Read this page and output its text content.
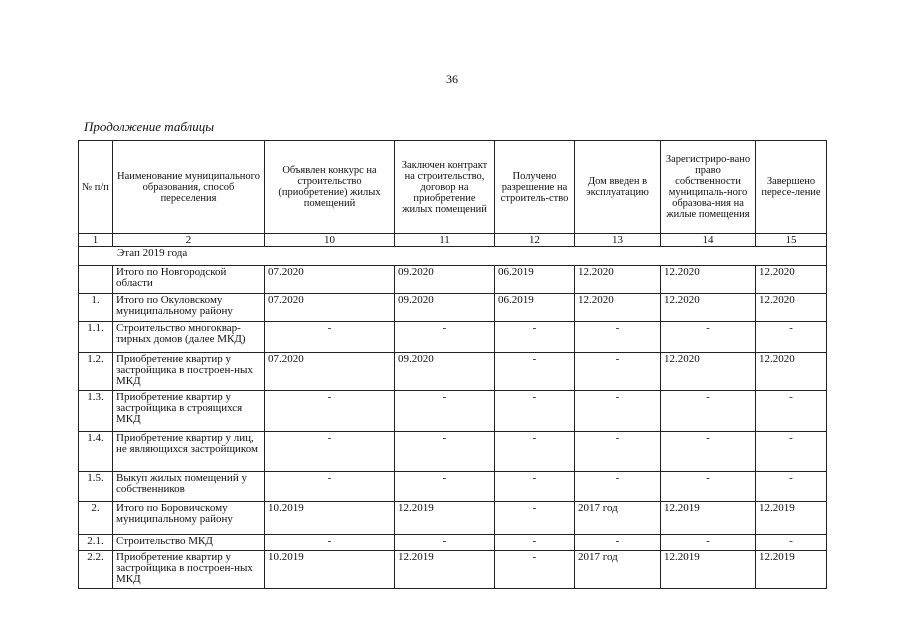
36
Продолжение таблицы
№ п/п	Наименование муниципального образования, способ переселения	Объявлен конкурс на строительство (приобретение) жилых помещений	Заключен контракт на строительство, договор на приобретение жилых помещений	Получено разрешение на строитель-ство	Дом введен в эксплуатацию	Зарегистриро-вано право собственности муниципаль-ного образова-ния на жилые помещения	Завершено пересе-ление
1	2	10	11	12	13	14	15
Этап 2019 года							
	Итого по Новгородской области	07.2020	09.2020	06.2019	12.2020	12.2020	12.2020
1.	Итого по Окуловскому муниципальному району	07.2020	09.2020	06.2019	12.2020	12.2020	12.2020
1.1.	Строительство многоквар-тирных домов (далее МКД)	-	-	-	-	-	-
1.2.	Приобретение квартир у застройщика в построен-ных МКД	07.2020	09.2020	-	-	12.2020	12.2020
1.3.	Приобретение квартир у застройщика в строящихся МКД	-	-	-	-	-	-
1.4.	Приобретение квартир у лиц, не являющихся застройщиком	-	-	-	-	-	-
1.5.	Выкуп жилых помещений у собственников	-	-	-	-	-	-
2.	Итого по Боровичскому муниципальному району	10.2019	12.2019	-	2017 год	12.2019	12.2019
2.1.	Строительство МКД	-	-	-	-	-	-
2.2.	Приобретение квартир у застройщика в построен-ных МКД	10.2019	12.2019	-	2017 год	12.2019	12.2019
